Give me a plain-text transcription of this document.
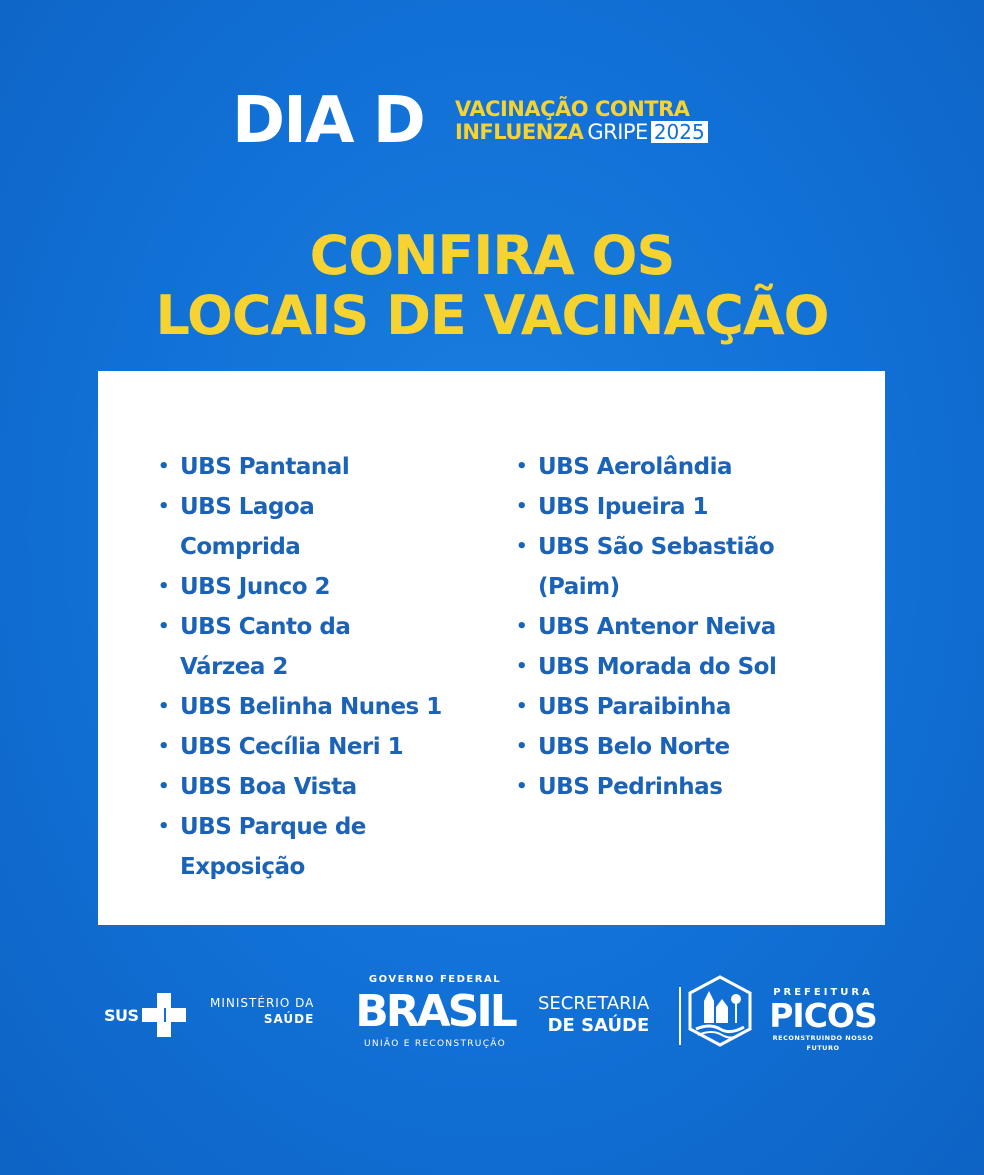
DIA D VACINAÇÃO CONTRA
INFLUENZA GRIPE 2025
CONFIRA OS
LOCAIS DE VACINAÇÃO
• UBS Pantanal
• UBS Lagoa
Comprida
• UBS Junco 2
• UBS Canto da
Várzea 2
• UBS Belinha Nunes 1
• UBS Cecília Neri 1
• UBS Boa Vista
• UBS Parque de
Exposição
• UBS Aerolândia
• UBS Ipueira 1
• UBS São Sebastião
(Paim)
• UBS Antenor Neiva
• UBS Morada do Sol
• UBS Paraibinha
• UBS Belo Norte
• UBS Pedrinhas
SUS
MINISTÉRIO DA
SAÚDE
GOVERNO FEDERAL
BRASIL
UNIÃO E RECONSTRUÇÃO
SECRETARIA
DE SAÚDE
PREFEITURA
PICOS
RECONSTRUINDO NOSSO FUTURO
